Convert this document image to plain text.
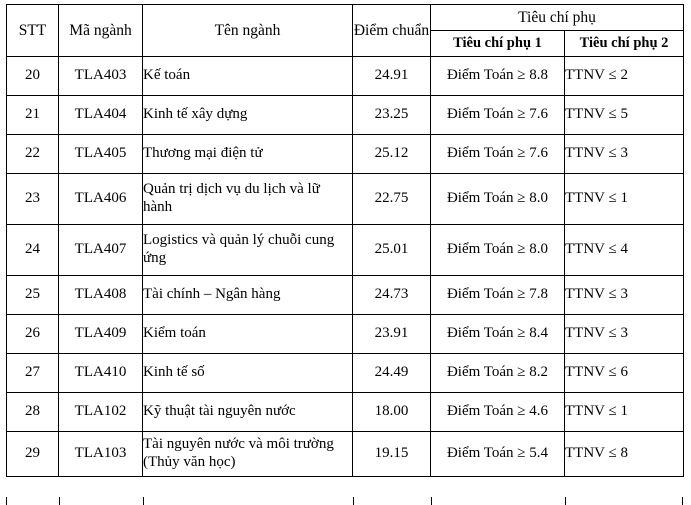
STT	Mã ngành	Tên ngành	Điểm chuẩn	Tiêu chí phụ	
				Tiêu chí phụ 1	Tiêu chí phụ 2
20	TLA403	Kế toán	24.91	Điểm Toán ≥ 8.8	TTNV ≤ 2
21	TLA404	Kinh tế xây dựng	23.25	Điểm Toán ≥ 7.6	TTNV ≤ 5
22	TLA405	Thương mại điện tử	25.12	Điểm Toán ≥ 7.6	TTNV ≤ 3
23	TLA406	Quản trị dịch vụ du lịch và lữ hành	22.75	Điểm Toán ≥ 8.0	TTNV ≤ 1
24	TLA407	Logistics và quản lý chuỗi cung ứng	25.01	Điểm Toán ≥ 8.0	TTNV ≤ 4
25	TLA408	Tài chính – Ngân hàng	24.73	Điểm Toán ≥ 7.8	TTNV ≤ 3
26	TLA409	Kiểm toán	23.91	Điểm Toán ≥ 8.4	TTNV ≤ 3
27	TLA410	Kinh tế số	24.49	Điểm Toán ≥ 8.2	TTNV ≤ 6
28	TLA102	Kỹ thuật tài nguyên nước	18.00	Điểm Toán ≥ 4.6	TTNV ≤ 1
29	TLA103	Tài nguyên nước và môi trường (Thủy văn học)	19.15	Điểm Toán ≥ 5.4	TTNV ≤ 8
